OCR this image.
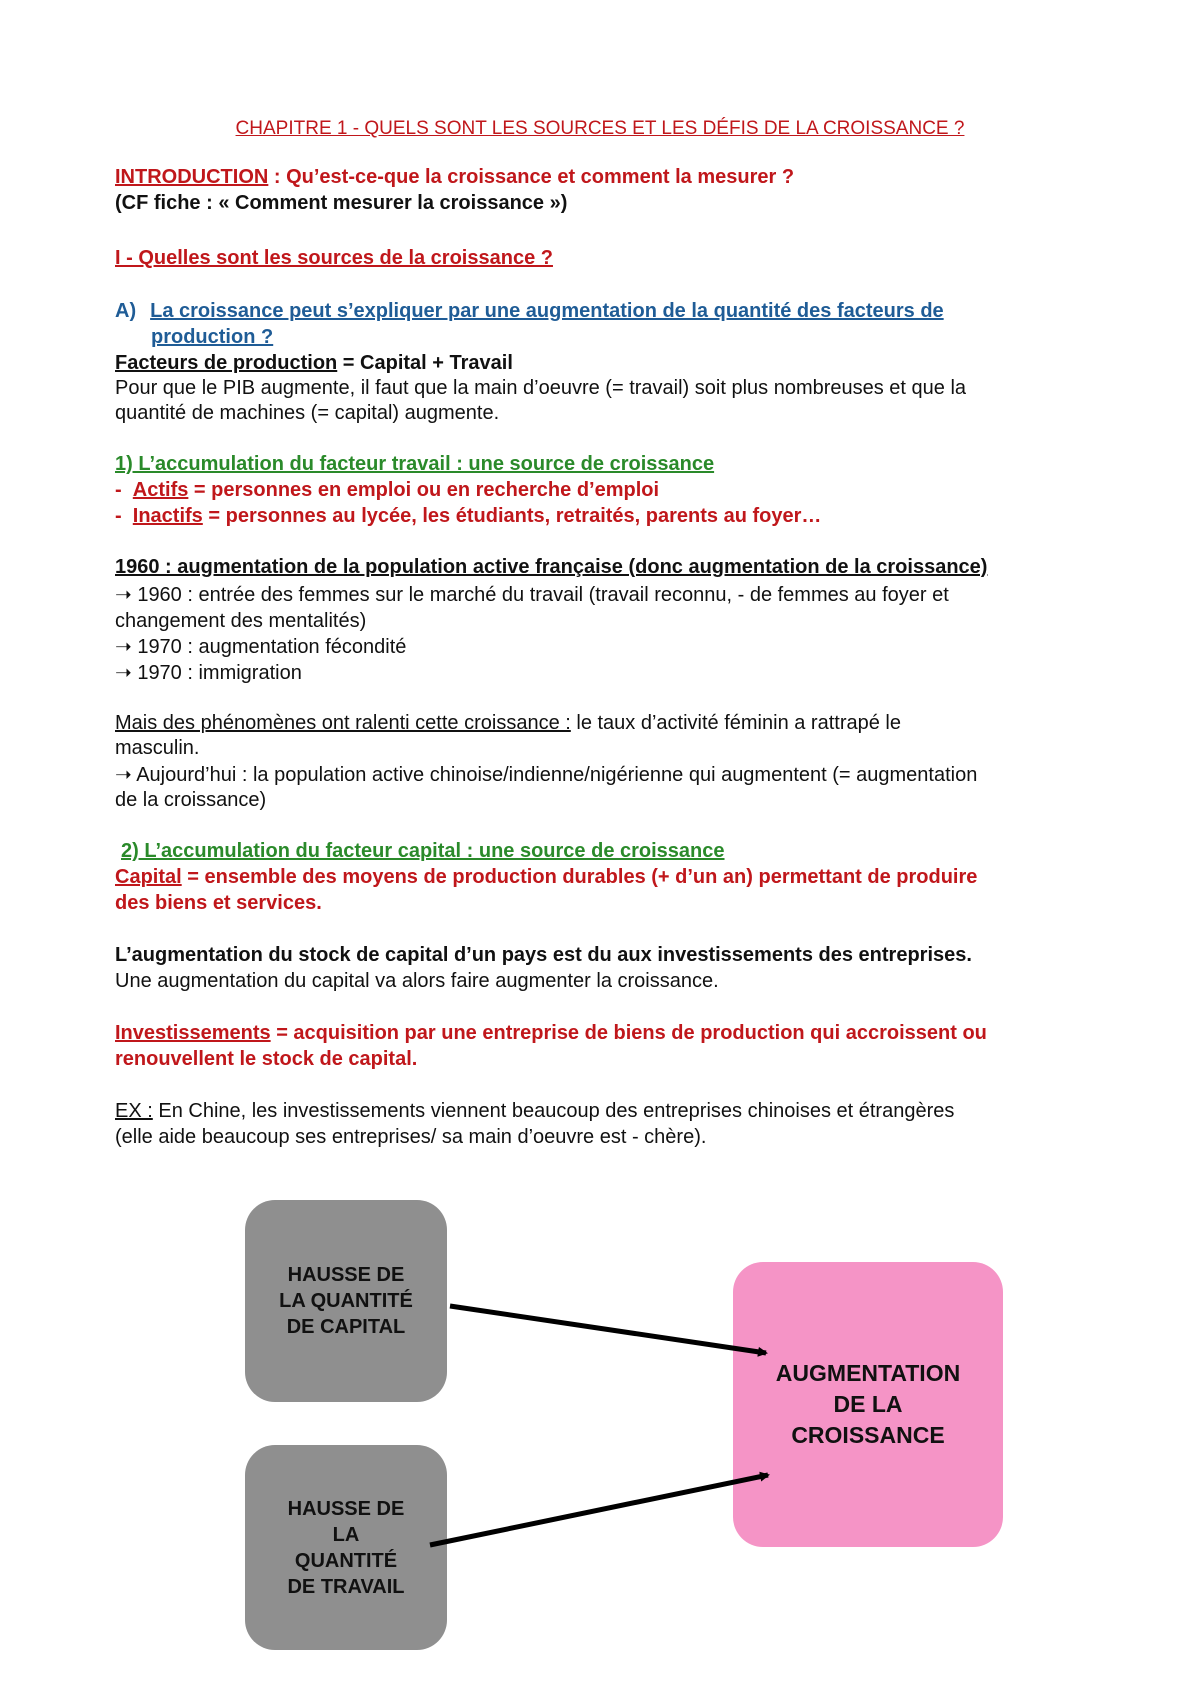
CHAPITRE 1 - QUELS SONT LES SOURCES ET LES DÉFIS DE LA CROISSANCE ?
INTRODUCTION : Qu’est-ce-que la croissance et comment la mesurer ?
(CF fiche : « Comment mesurer la croissance »)
I - Quelles sont les sources de la croissance ?
A) La croissance peut s’expliquer par une augmentation de la quantité des facteurs de
production ?
Facteurs de production = Capital + Travail
Pour que le PIB augmente, il faut que la main d’oeuvre (= travail) soit plus nombreuses et que la
quantité de machines (= capital) augmente.
1) L’accumulation du facteur travail : une source de croissance
-  Actifs = personnes en emploi ou en recherche d’emploi
-  Inactifs = personnes au lycée, les étudiants, retraités, parents au foyer…
1960 : augmentation de la population active française (donc augmentation de la croissance)
➝ 1960 : entrée des femmes sur le marché du travail (travail reconnu, - de femmes au foyer et
changement des mentalités)
➝ 1970 : augmentation fécondité
➝ 1970 : immigration
Mais des phénomènes ont ralenti cette croissance : le taux d’activité féminin a rattrapé le
masculin.
➝ Aujourd’hui : la population active chinoise/indienne/nigérienne qui augmentent (= augmentation
de la croissance)
2) L’accumulation du facteur capital : une source de croissance
Capital = ensemble des moyens de production durables (+ d’un an) permettant de produire
des biens et services.
L’augmentation du stock de capital d’un pays est du aux investissements des entreprises.
Une augmentation du capital va alors faire augmenter la croissance.
Investissements = acquisition par une entreprise de biens de production qui accroissent ou
renouvellent le stock de capital.
EX : En Chine, les investissements viennent beaucoup des entreprises chinoises et étrangères
(elle aide beaucoup ses entreprises/ sa main d’oeuvre est - chère).
HAUSSE DE
LA QUANTITÉ
DE CAPITAL
HAUSSE DE
LA
QUANTITÉ
DE TRAVAIL
AUGMENTATION
DE LA
CROISSANCE
